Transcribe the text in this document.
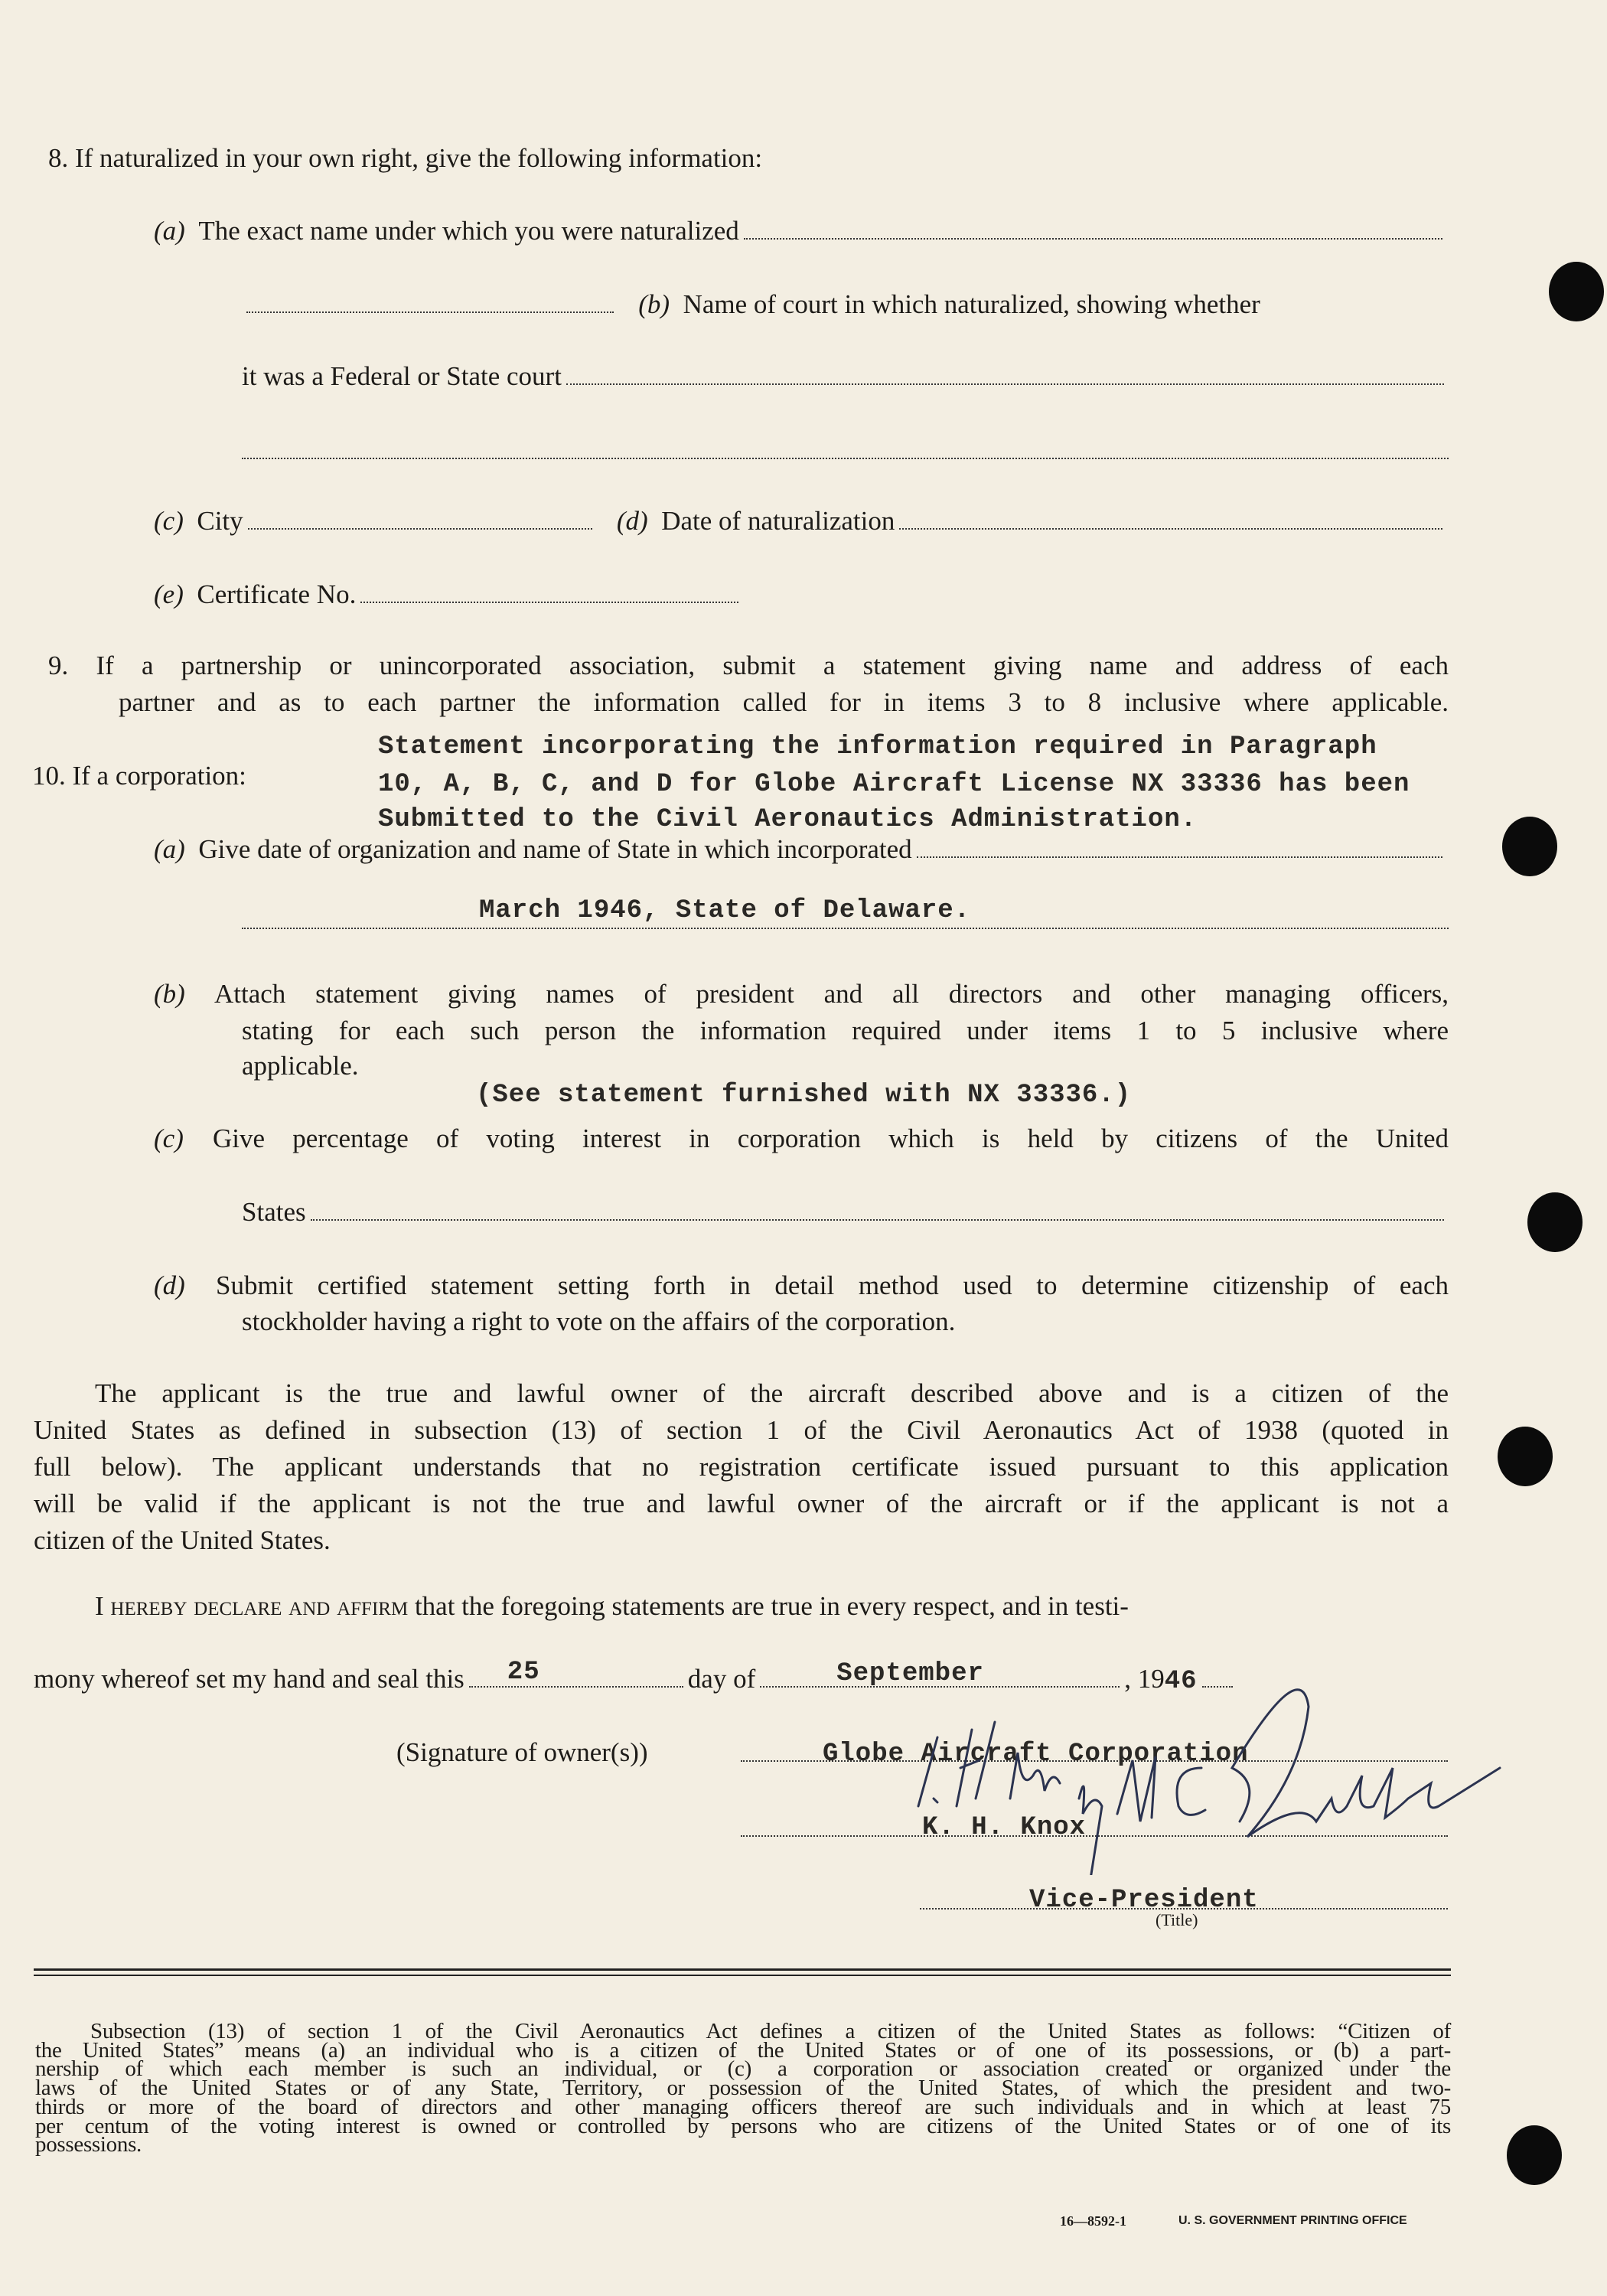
8. If naturalized in your own right, give the following information:
(a)
The exact name under which you were naturalized

(b)
Name of court in which naturalized, showing whether
it was a Federal or State court
(c)
City
	(d)
Date of naturalization
(e)
Certificate No.
9. If a partnership or unincorporated association, submit a statement giving name and address of each
partner and as to each partner the information called for in items 3 to 8 inclusive where applicable.
Statement incorporating the information required in Paragraph
10. If a corporation:	10, A, B, C, and D for Globe Aircraft License NX 33336 has been
Submitted to the Civil Aeronautics Administration.
(a)
Give date of organization and name of State in which incorporated
March 1946, State of Delaware.
(b) Attach statement giving names of president and all directors and other managing officers,
stating for each such person the information required under items 1 to 5 inclusive where
applicable.
(See statement furnished with NX 33336.)
(c) Give percentage of voting interest in corporation which is held by citizens of the United
States
(d) Submit certified statement setting forth in detail method used to determine citizenship of each
stockholder having a right to vote on the affairs of the corporation.
The applicant is the true and lawful owner of the aircraft described above and is a citizen of the
United States as defined in subsection (13) of section 1 of the Civil Aeronautics Act of 1938 (quoted in
full below). The applicant understands that no registration certificate issued pursuant to this application
will be valid if the applicant is not the true and lawful owner of the aircraft or if the applicant is not a
citizen of the United States.
I hereby declare and affirm
that the foregoing statements are true in every respect, and in testi-
mony whereof set my hand and seal this 25	day of	September	, 19 46
(Signature of owner(s))	Globe Aircraft Corporation
K. H. Knox
Vice-President
(Title)

Subsection (13) of section 1 of the Civil Aeronautics Act defines a citizen of the United States as follows: “Citizen of

the United States” means (a) an individual who is a citizen of the United States or of one of its possessions, or (b) a part-

nership of which each member is such an individual, or (c) a corporation or association created or organized under the

laws of the United States or of any State, Territory, or possession of the United States, of which the president and two-

thirds or more of the board of directors and other managing officers thereof are such individuals and in which at least 75

per centum of the voting interest is owned or controlled by persons who are citizens of the United States or of one of its

possessions.

16—8592-1	U. S. GOVERNMENT PRINTING OFFICE
